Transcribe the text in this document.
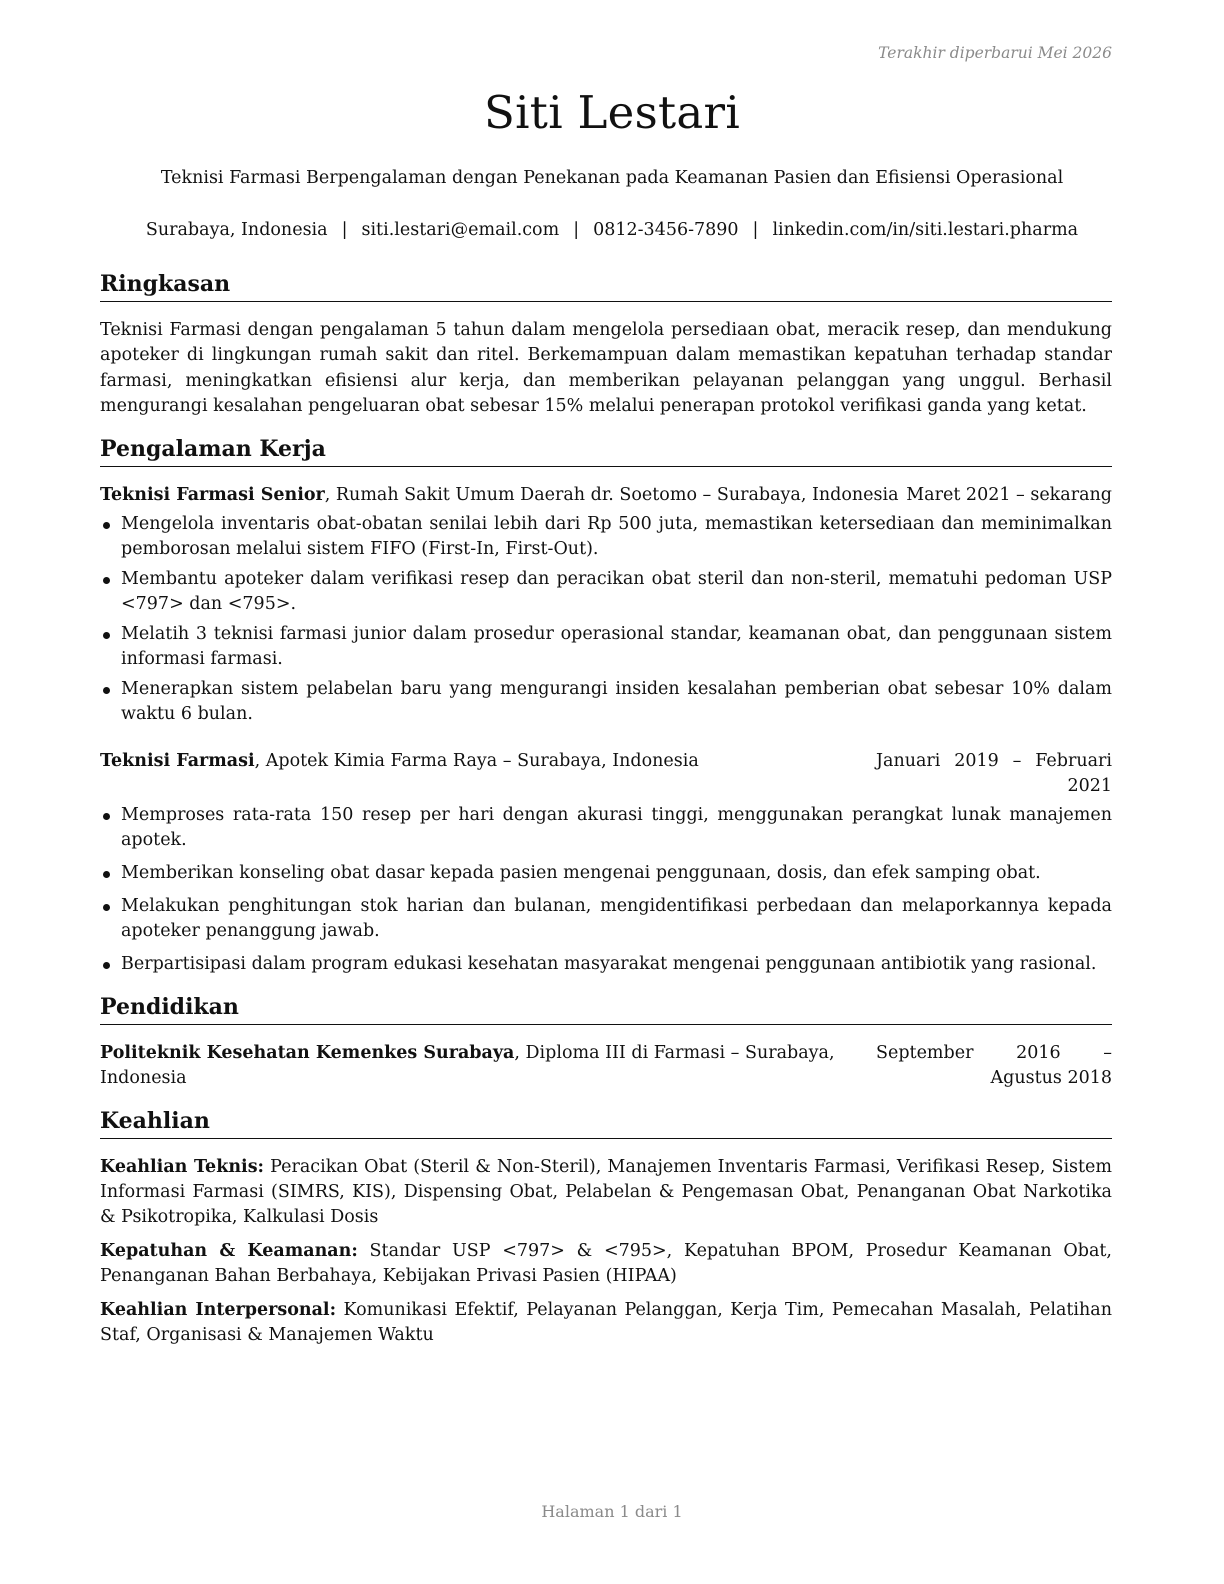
Terakhir diperbarui Mei 2026
Siti Lestari
Teknisi Farmasi Berpengalaman dengan Penekanan pada Keamanan Pasien dan Efisiensi Operasional
Surabaya, Indonesia | siti.lestari@email.com | 0812-3456-7890 | linkedin.com/in/siti.lestari.pharma
Ringkasan

Teknisi Farmasi dengan pengalaman 5 tahun dalam mengelola persediaan obat, meracik resep, dan mendukung apoteker di lingkungan rumah sakit dan ritel. Berkemampuan dalam memastikan kepatuhan terhadap standar farmasi, meningkatkan efisiensi alur kerja, dan memberikan pelayanan pelanggan yang unggul. Berhasil mengurangi kesalahan pengeluaran obat sebesar 15% melalui penerapan protokol verifikasi ganda yang ketat.

Pengalaman Kerja
Teknisi Farmasi Senior, Rumah Sakit Umum Daerah dr. Soetomo – Surabaya, Indonesia Maret 2021 – sekarang
Mengelola inventaris obat-obatan senilai lebih dari Rp 500 juta, memastikan ketersediaan dan meminimalkan pemborosan melalui sistem FIFO (First-In, First-Out).
Membantu apoteker dalam verifikasi resep dan peracikan obat steril dan non-steril, mematuhi pedoman USP <797> dan <795>.
Melatih 3 teknisi farmasi junior dalam prosedur operasional standar, keamanan obat, dan penggunaan sistem informasi farmasi.
Menerapkan sistem pelabelan baru yang mengurangi insiden kesalahan pemberian obat sebesar 10% dalam waktu 6 bulan.
Teknisi Farmasi, Apotek Kimia Farma Raya – Surabaya, Indonesia	Januari 2019 – Februari 2021
Memproses rata-rata 150 resep per hari dengan akurasi tinggi, menggunakan perangkat lunak manajemen apotek.
Memberikan konseling obat dasar kepada pasien mengenai penggunaan, dosis, dan efek samping obat.
Melakukan penghitungan stok harian dan bulanan, mengidentifikasi perbedaan dan melaporkannya kepada apoteker penanggung jawab.
Berpartisipasi dalam program edukasi kesehatan masyarakat mengenai penggunaan antibiotik yang rasional.
Pendidikan
Politeknik Kesehatan Kemenkes Surabaya, Diploma III di Farmasi – Surabaya, Indonesia
September 2016 – Agustus 2018
Keahlian

Keahlian Teknis: Peracikan Obat (Steril & Non-Steril), Manajemen Inventaris Farmasi, Verifikasi Resep, Sistem Informasi Farmasi (SIMRS, KIS), Dispensing Obat, Pelabelan & Pengemasan Obat, Penanganan Obat Narkotika & Psikotropika, Kalkulasi Dosis

Kepatuhan & Keamanan: Standar USP <797> & <795>, Kepatuhan BPOM, Prosedur Keamanan Obat, Penanganan Bahan Berbahaya, Kebijakan Privasi Pasien (HIPAA)

Keahlian Interpersonal: Komunikasi Efektif, Pelayanan Pelanggan, Kerja Tim, Pemecahan Masalah, Pelatihan Staf, Organisasi & Manajemen Waktu

Halaman 1 dari 1
